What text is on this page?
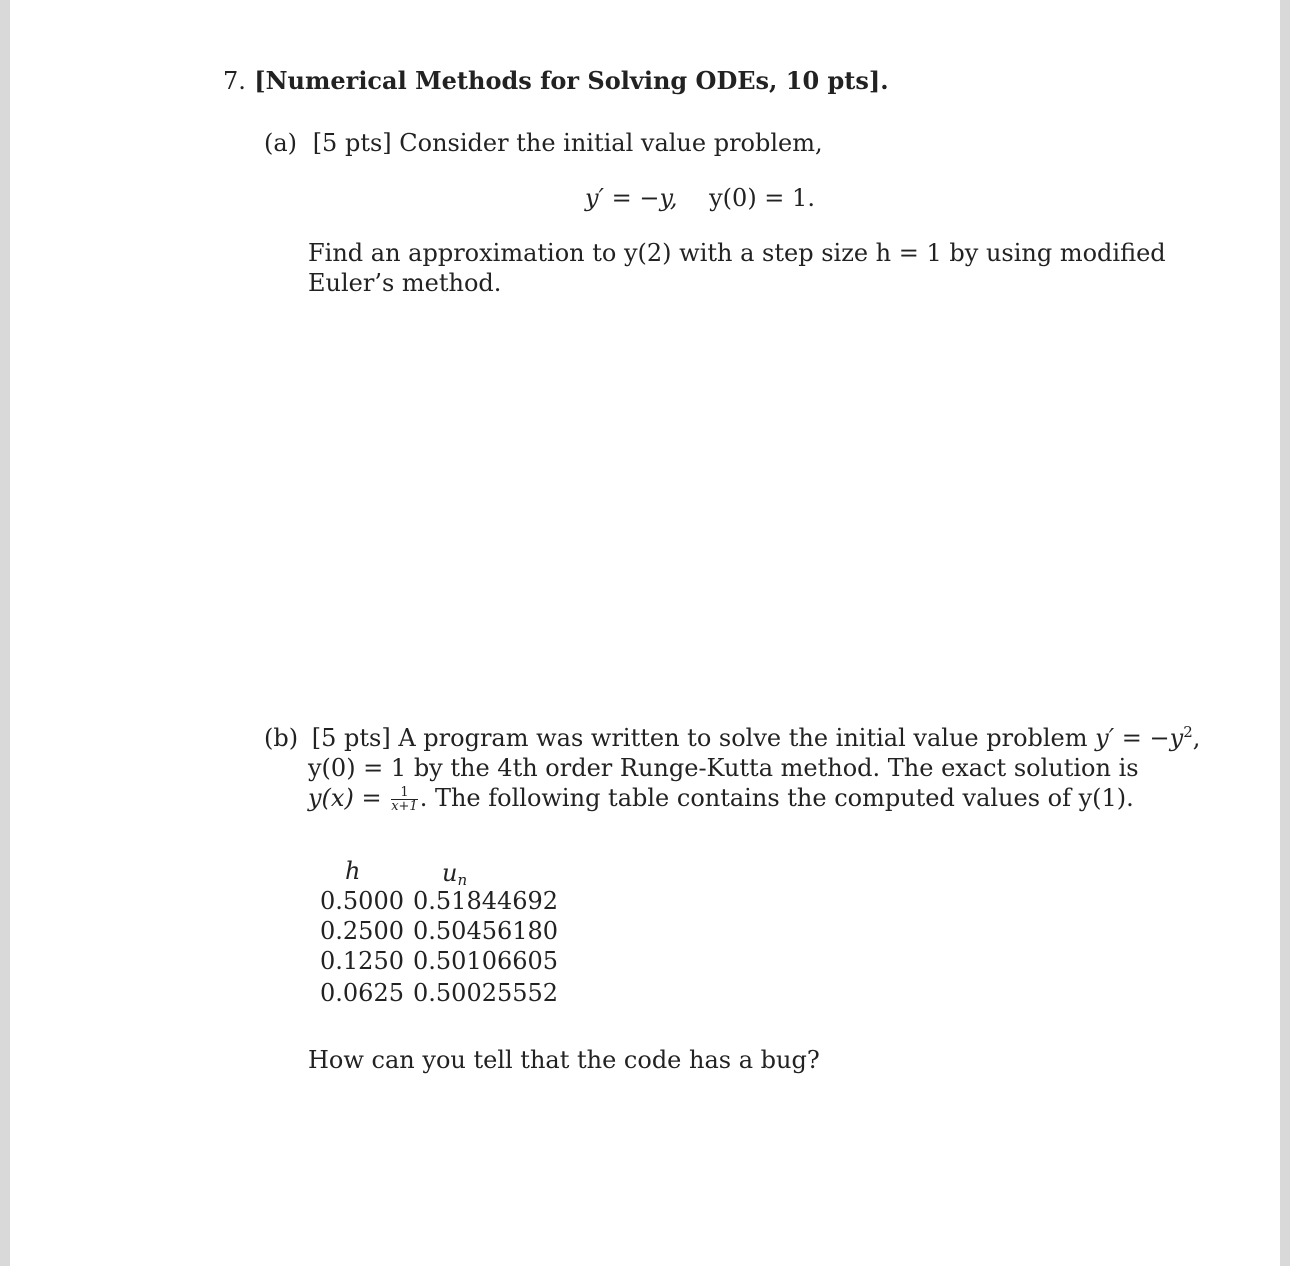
7. [Numerical Methods for Solving ODEs, 10 pts].
(a) [5 pts] Consider the initial value problem,
y′ = −y, y(0) = 1.
Find an approximation to y(2) with a step size h = 1 by using modified
Euler’s method.
(b) [5 pts] A program was written to solve the initial value problem $y' = -y^2$,
y(0) = 1 by the 4th order Runge-Kutta method. The exact solution is
$y(x) = \frac{1}{x+1}$ . The following table contains the computed values of y(1).
h	$u_n$
0.5000 0.51844692
0.2500 0.50456180
0.1250 0.50106605
0.0625 0.50025552
How can you tell that the code has a bug?
